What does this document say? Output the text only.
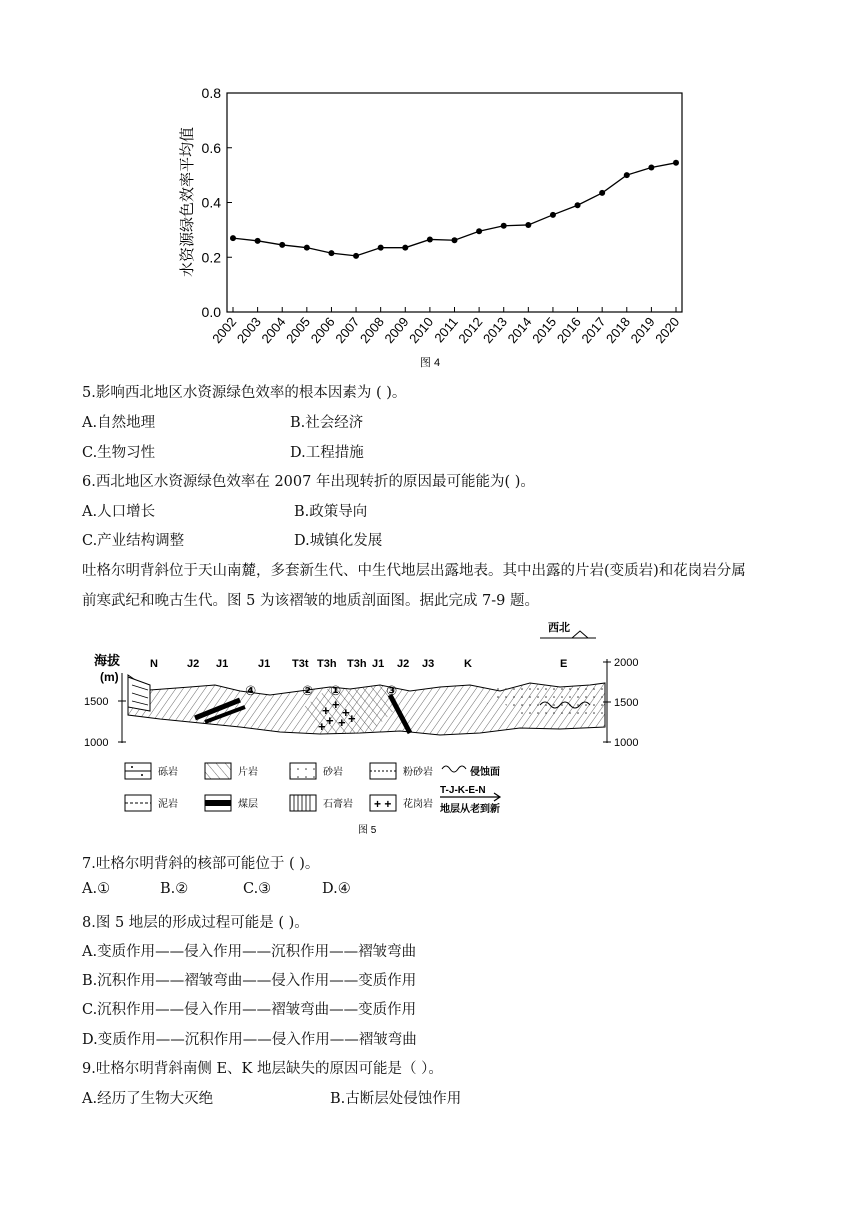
0.0
0.2
0.4
0.6
0.8
2002
2003
2004
2005
2006
2007
2008
2009
2010
2011
2012
2013
2014
2015
2016
2017
2018
2019
2020
水资源绿色效率平均值
图 4
5.影响西北地区水资源绿色效率的根本因素为 ( )。
A.自然地理	B.社会经济
C.生物习性	D.工程措施
6.西北地区水资源绿色效率在 2007 年出现转折的原因最可能能为( )。
A.人口增长	B.政策导向
C.产业结构调整	D.城镇化发展
吐格尔明背斜位于天山南麓，多套新生代、中生代地层出露地表。其中出露的片岩(变质岩)和花岗岩分属
前寒武纪和晚古生代。图 5 为该褶皱的地质剖面图。据此完成 7-9 题。
西北
海拔
(m)
1500
1000
2000
1500
1000
+ +
+
+ + +
+
N	J2 J1	J1 T3t T3h T3h J1 J2 J3	K	E
①
②	③
④
砾岩	片岩	砂岩	粉砂岩	侵蚀面
泥岩	煤层	石膏岩 + + 花岗岩
T-J-K-E-N
地层从老到新
图 5
7.吐格尔明背斜的核部可能位于 ( )。
A.①	B.②	C.③	D.④
8.图 5 地层的形成过程可能是 ( )。
A.变质作用——侵入作用——沉积作用——褶皱弯曲
B.沉积作用——褶皱弯曲——侵入作用——变质作用
C.沉积作用——侵入作用——褶皱弯曲——变质作用
D.变质作用——沉积作用——侵入作用——褶皱弯曲
9.吐格尔明背斜南侧 E、K 地层缺失的原因可能是（ ）。
A.经历了生物大灭绝	B.古断层处侵蚀作用
